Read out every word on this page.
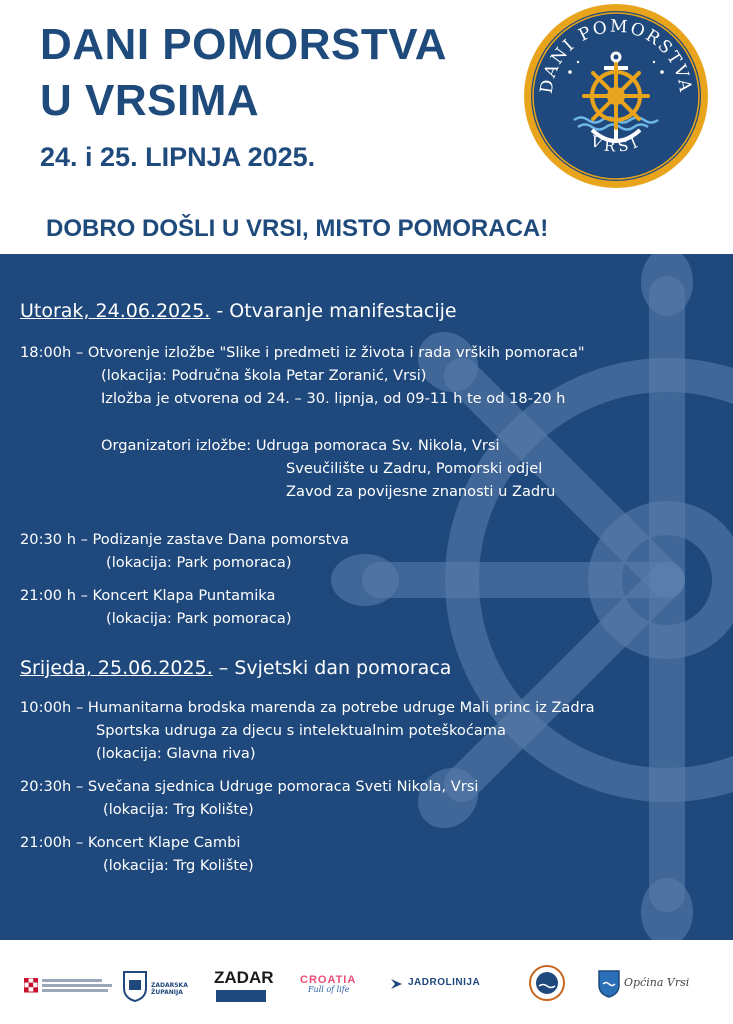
DANI POMORSTVA
U VRSIMA
24. i 25. LIPNJA 2025.
DOBRO DOŠLI U VRSI, MISTO POMORACA!
DANI POMORSTVA
VRSI
Utorak, 24.06.2025. - Otvaranje manifestacije
18:00h – Otvorenje izložbe "Slike i predmeti iz života i rada vrških pomoraca"
(lokacija: Područna škola Petar Zoranić, Vrsi)
Izložba je otvorena od 24. – 30. lipnja, od 09-11 h te od 18-20 h
Organizatori izložbe: Udruga pomoraca Sv. Nikola, Vrsi
Sveučilište u Zadru, Pomorski odjel
Zavod za povijesne znanosti u Zadru
20:30 h – Podizanje zastave Dana pomorstva
(lokacija: Park pomoraca)
21:00 h – Koncert Klapa Puntamika
(lokacija: Park pomoraca)
Srijeda, 25.06.2025. – Svjetski dan pomoraca
10:00h – Humanitarna brodska marenda za potrebe udruge Mali princ iz Zadra
Sportska udruga za djecu s intelektualnim poteškoćama
(lokacija: Glavna riva)
20:30h – Svečana sjednica Udruge pomoraca Sveti Nikola, Vrsi
(lokacija: Trg Kolište)
21:00h – Koncert Klape Cambi
(lokacija: Trg Kolište)
ZADARSKA ŽUPANIJA
ZADAR CROATIA
Full of life
JADROLINIJA	Općina Vrsi
